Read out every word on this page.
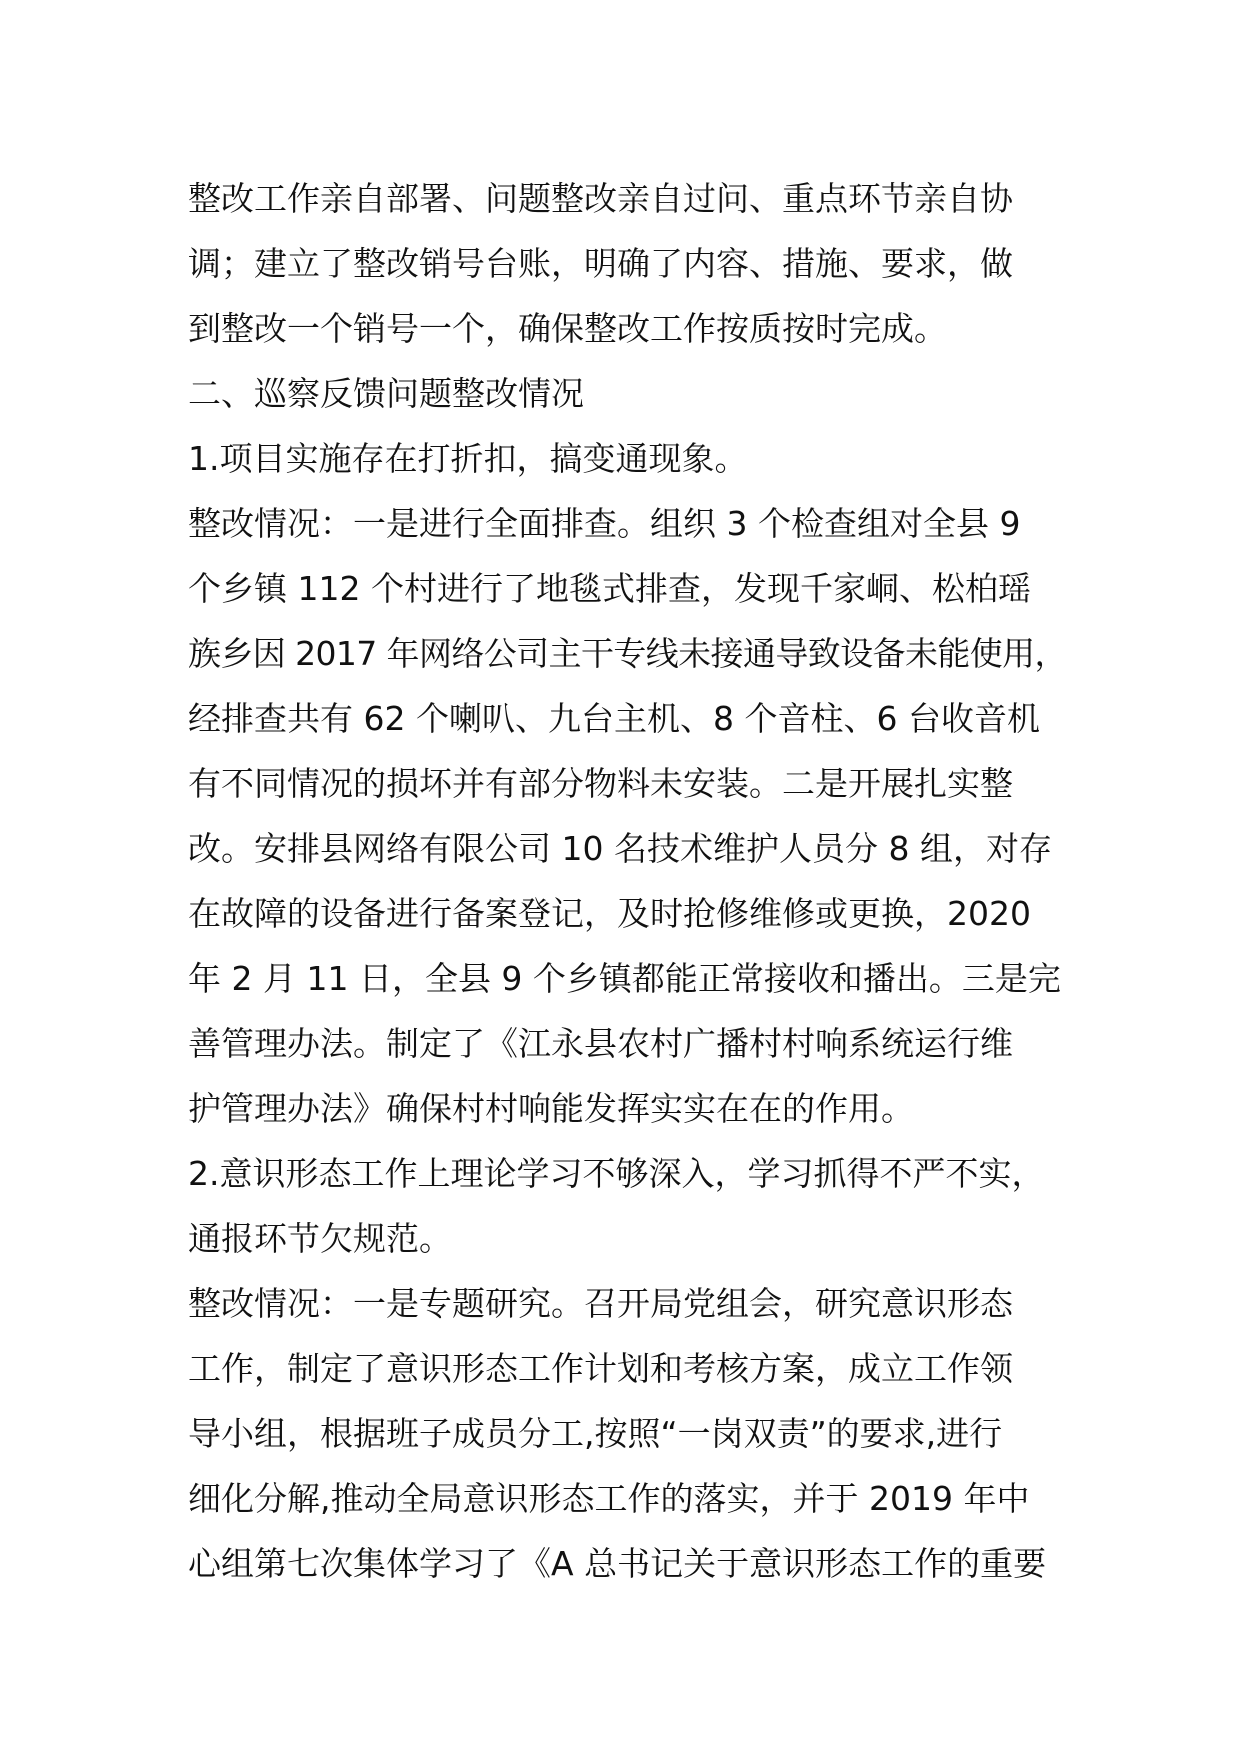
整改工作亲自部署、问题整改亲自过问、重点环节亲自协
调；建立了整改销号台账，明确了内容、措施、要求，做
到整改一个销号一个，确保整改工作按质按时完成。
二、巡察反馈问题整改情况
1.项目实施存在打折扣，搞变通现象。
整改情况：一是进行全面排查。组织 3 个检查组对全县 9
个乡镇 112 个村进行了地毯式排查，发现千家峒、松柏瑶
族乡因 2017 年网络公司主干专线未接通导致设备未能使用，
经排查共有 62 个喇叭、九台主机、8 个音柱、6 台收音机
有不同情况的损坏并有部分物料未安装。二是开展扎实整
改。安排县网络有限公司 10 名技术维护人员分 8 组，对存
在故障的设备进行备案登记，及时抢修维修或更换，2020
年 2 月 11 日，全县 9 个乡镇都能正常接收和播出。三是完
善管理办法。制定了《江永县农村广播村村响系统运行维
护管理办法》确保村村响能发挥实实在在的作用。
2.意识形态工作上理论学习不够深入，学习抓得不严不实，
通报环节欠规范。
整改情况：一是专题研究。召开局党组会，研究意识形态
工作，制定了意识形态工作计划和考核方案，成立工作领
导小组，根据班子成员分工,按照“一岗双责”的要求,进行
细化分解,推动全局意识形态工作的落实，并于 2019 年中
心组第七次集体学习了《A 总书记关于意识形态工作的重要
